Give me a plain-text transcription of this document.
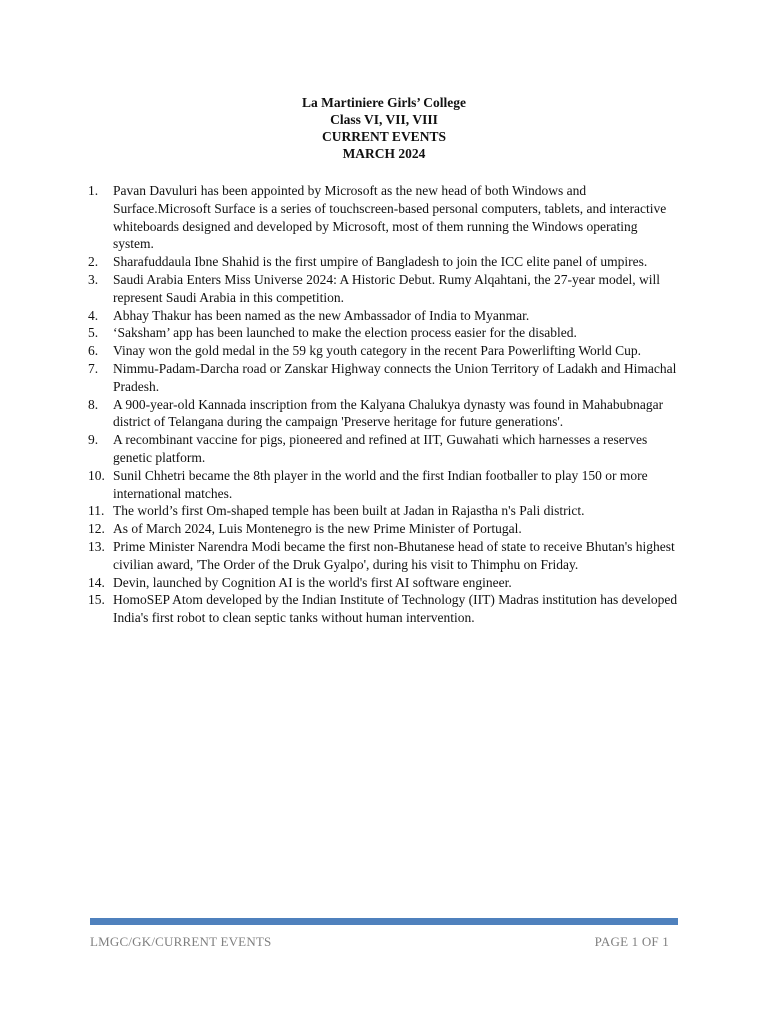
La Martiniere Girls’ College
Class VI, VII, VIII
CURRENT EVENTS
MARCH 2024
1. Pavan Davuluri has been appointed by Microsoft as the new head of both Windows and Surface.Microsoft Surface is a series of touchscreen-based personal computers, tablets, and interactive whiteboards designed and developed by Microsoft, most of them running the Windows operating system.
2. Sharafuddaula Ibne Shahid is the first umpire of Bangladesh to join the ICC elite panel of umpires.
3. Saudi Arabia Enters Miss Universe 2024: A Historic Debut. Rumy Alqahtani, the 27-year model, will represent Saudi Arabia in this competition.
4. Abhay Thakur has been named as the new Ambassador of India to Myanmar.
5. ‘Saksham’ app has been launched to make the election process easier for the disabled.
6. Vinay won the gold medal in the 59 kg youth category in the recent Para Powerlifting World Cup.
7. Nimmu-Padam-Darcha road or Zanskar Highway connects the Union Territory of Ladakh and Himachal Pradesh.
8. A 900-year-old Kannada inscription from the Kalyana Chalukya dynasty was found in Mahabubnagar district of Telangana during the campaign 'Preserve heritage for future generations'.
9. A recombinant vaccine for pigs, pioneered and refined at IIT, Guwahati which harnesses a reserves genetic platform.
10. Sunil Chhetri became the 8th player in the world and the first Indian footballer to play 150 or more international matches.
11. The world’s first Om-shaped temple has been built at Jadan in Rajastha n's Pali district.
12. As of March 2024, Luis Montenegro is the new Prime Minister of Portugal.
13. Prime Minister Narendra Modi became the first non-Bhutanese head of state to receive Bhutan's highest civilian award, 'The Order of the Druk Gyalpo', during his visit to Thimphu on Friday.
14. Devin, launched by Cognition AI is the world's first AI software engineer.
15. HomoSEP Atom developed by the Indian Institute of Technology (IIT) Madras institution has developed India's first robot to clean septic tanks without human intervention.
LMGC/GK/CURRENT EVENTS	PAGE 1 OF 1
